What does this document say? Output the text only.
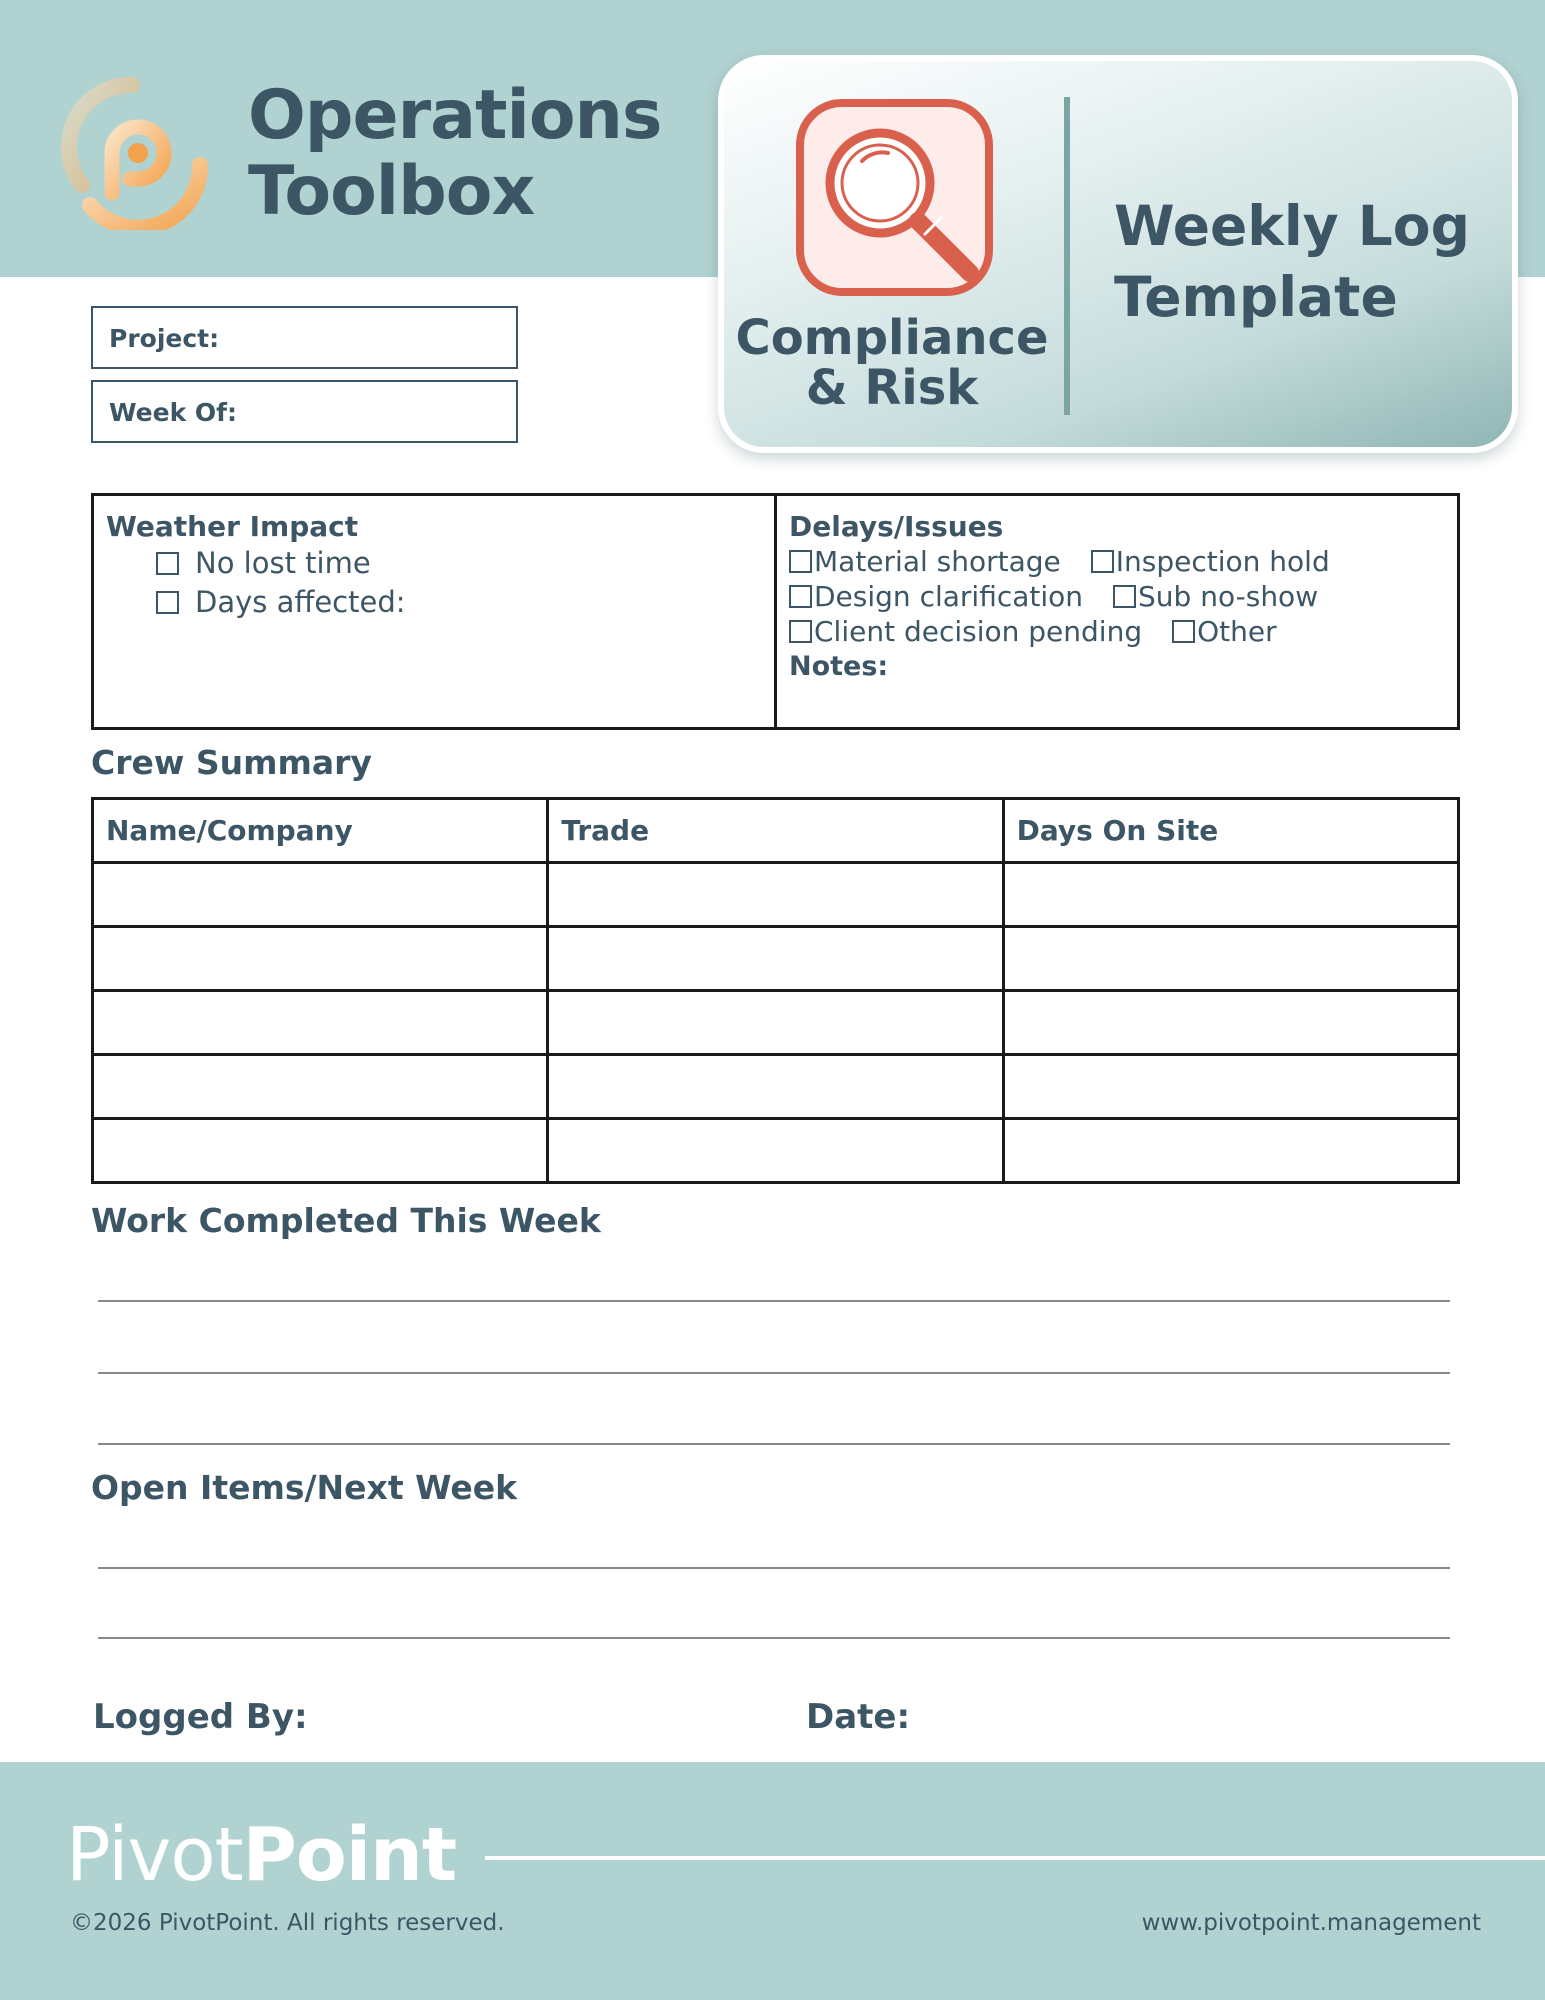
Operations
Toolbox
Compliance
& Risk
Weekly Log
Template
Project:
Week Of:
Weather Impact
No lost time
Days affected:
Delays/Issues
Material shortage Inspection hold
Design clarification Sub no-show
Client decision pending Other
Notes:
Crew Summary
Name/Company	Trade	Days On Site

Work Completed This Week
Open Items/Next Week
Logged By:	Date:
PivotPoint
©2026 PivotPoint. All rights reserved.	www.pivotpoint.management
